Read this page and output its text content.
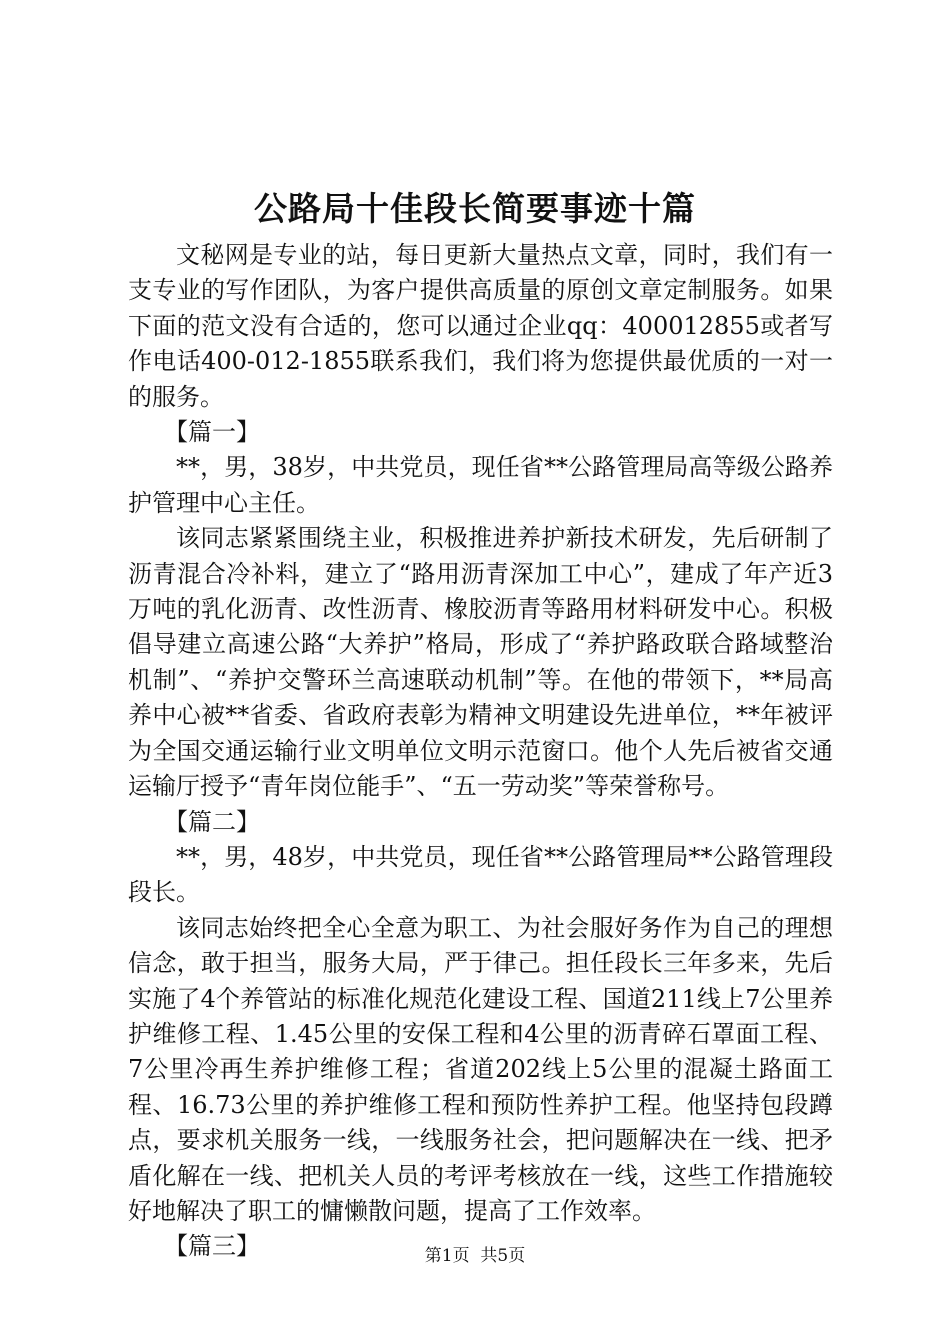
公路局十佳段长简要事迹十篇

文秘网是专业的站，每日更新大量热点文章，同时，我们有一支专业的写作团队，为客户提供高质量的原创文章定制服务。如果下面的范文没有合适的，您可以通过企业qq：400012855或者写作电话400-012-1855联系我们，我们将为您提供最优质的一对一的服务。

【篇一】

**，男，38岁，中共党员，现任省**公路管理局高等级公路养护管理中心主任。

该同志紧紧围绕主业，积极推进养护新技术研发，先后研制了沥青混合冷补料，建立了“路用沥青深加工中心”，建成了年产近3万吨的乳化沥青、改性沥青、橡胶沥青等路用材料研发中心。积极倡导建立高速公路“大养护”格局，形成了“养护路政联合路域整治机制”、“养护交警环兰高速联动机制”等。在他的带领下，**局高养中心被**省委、省政府表彰为精神文明建设先进单位，**年被评为全国交通运输行业文明单位文明示范窗口。他个人先后被省交通运输厅授予“青年岗位能手”、“五一劳动奖”等荣誉称号。

【篇二】

**，男，48岁，中共党员，现任省**公路管理局**公路管理段段长。

该同志始终把全心全意为职工、为社会服好务作为自己的理想信念，敢于担当，服务大局，严于律己。担任段长三年多来，先后实施了4个养管站的标准化规范化建设工程、国道211线上7公里养护维修工程、1.45公里的安保工程和4公里的沥青碎石罩面工程、7公里冷再生养护维修工程；省道202线上5公里的混凝土路面工程、16.73公里的养护维修工程和预防性养护工程。他坚持包段蹲点，要求机关服务一线，一线服务社会，把问题解决在一线、把矛盾化解在一线、把机关人员的考评考核放在一线，这些工作措施较好地解决了职工的慵懒散问题，提高了工作效率。

【篇三】	第1页 共5页
